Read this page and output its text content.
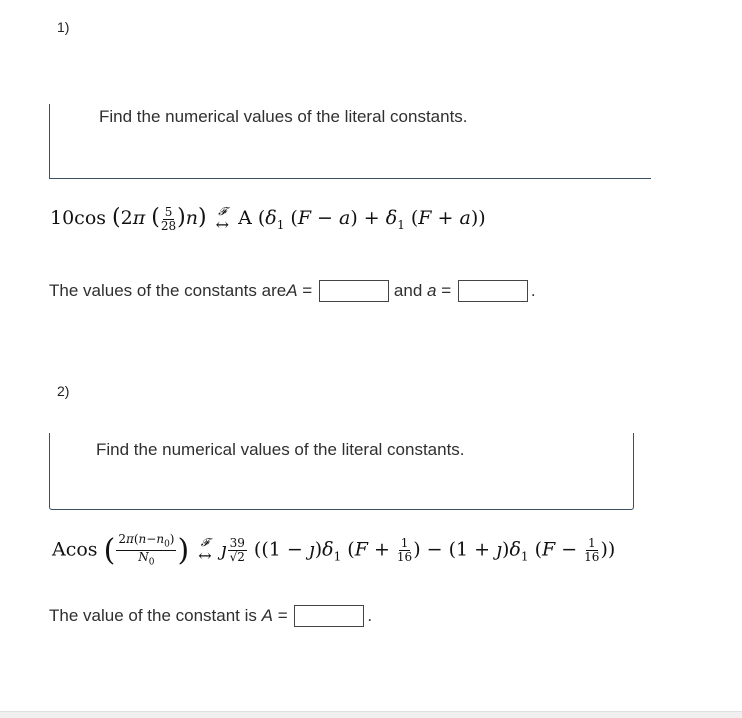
1)
Find the numerical values of the literal constants.
10cos (2π ( $\frac{5}{28} )n$) 𝓕
↔ A ($\delta_1$ $(F - a) + \delta_1$ (F + a))
The values of the constants are A =	and a =	.
2)
Find the numerical values of the literal constants.
Acos ( $\frac{2\pi(n-n_0)}{N_0}$ ) 𝓕
↔ ȷ $\frac{39}{√2} ((1$ − $ȷ)\delta_1$ ($F + \frac{1}{16}$ ) − $(1 + ȷ)\delta_1$ ($F - \frac{1}{16}$ ))
The value of the constant is A =	.
